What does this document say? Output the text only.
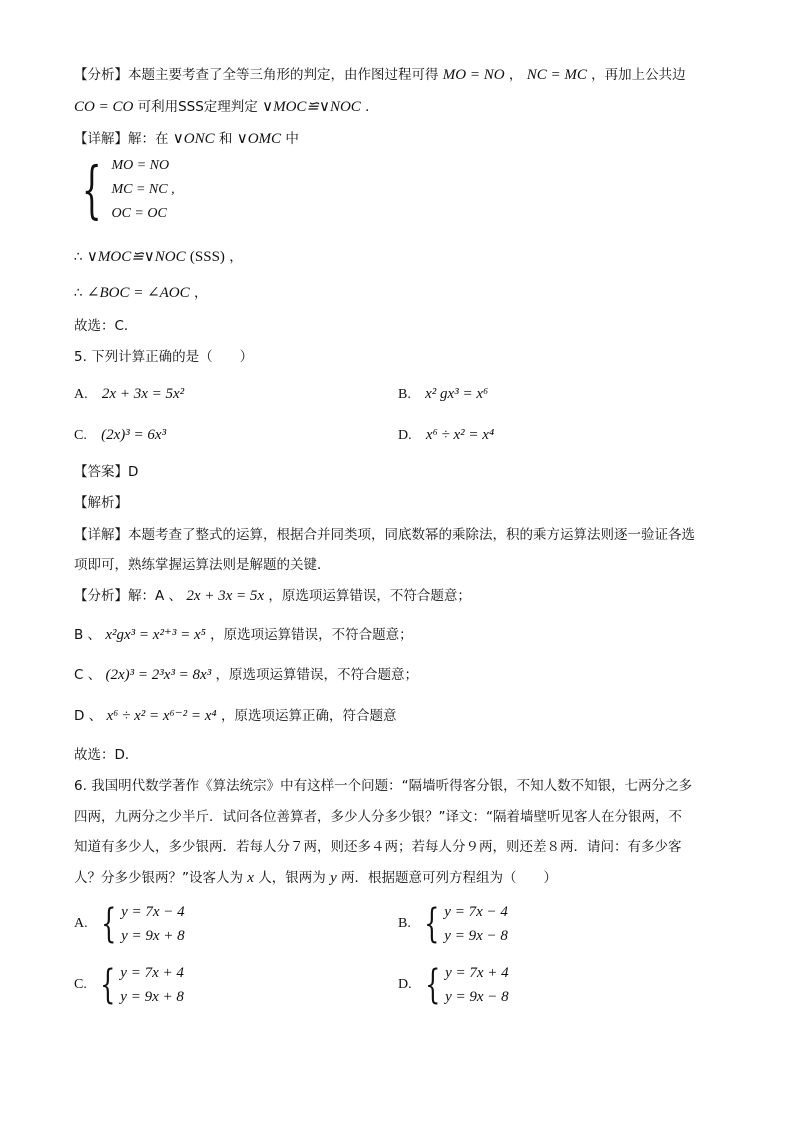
【分析】本题主要考查了全等三角形的判定，由作图过程可得 MO = NO ， NC = MC ，再加上公共边
CO = CO 可利用SSS定理判定 ∨MOC≌∨NOC ．
【详解】解：在 ∨ONC 和 ∨OMC 中
{ MO = NO
MC = NC ,
OC = OC
∴ ∨MOC≌∨NOC (SSS) ，
∴ ∠BOC = ∠AOC ，
故选：C．
5. 下列计算正确的是（　　）
A. 2x + 3x = 5x²	B. x² gx³ = x⁶
C. (2x)³ = 6x³	D. x⁶ ÷ x² = x⁴
【答案】D
【解析】
【详解】本题考查了整式的运算，根据合并同类项，同底数幂的乘除法，积的乘方运算法则逐一验证各选
项即可，熟练掌握运算法则是解题的关键．
【分析】解：A 、 2x + 3x = 5x ，原选项运算错误，不符合题意；
B 、 x²gx³ = x²⁺³ = x⁵ ，原选项运算错误，不符合题意；
C 、 (2x)³ = 2³x³ = 8x³ ，原选项运算错误，不符合题意；
D 、 x⁶ ÷ x² = x⁶⁻² = x⁴ ，原选项运算正确，符合题意
故选：D．
6. 我国明代数学著作《算法统宗》中有这样一个问题：“隔墙听得客分银，不知人数不知银，七两分之多
四两，九两分之少半斤．试问各位善算者，多少人分多少银？”译文：“隔着墙壁听见客人在分银两，不
知道有多少人，多少银两．若每人分７两，则还多４两；若每人分９两，则还差８两．请问：有多少客
人？分多少银两？”设客人为 x 人，银两为 y 两．根据题意可列方程组为（　　）
A. { y = 7x − 4
y = 9x + 8
B. { y = 7x − 4
y = 9x − 8
C. { y = 7x + 4
y = 9x + 8
D. { y = 7x + 4
y = 9x − 8
